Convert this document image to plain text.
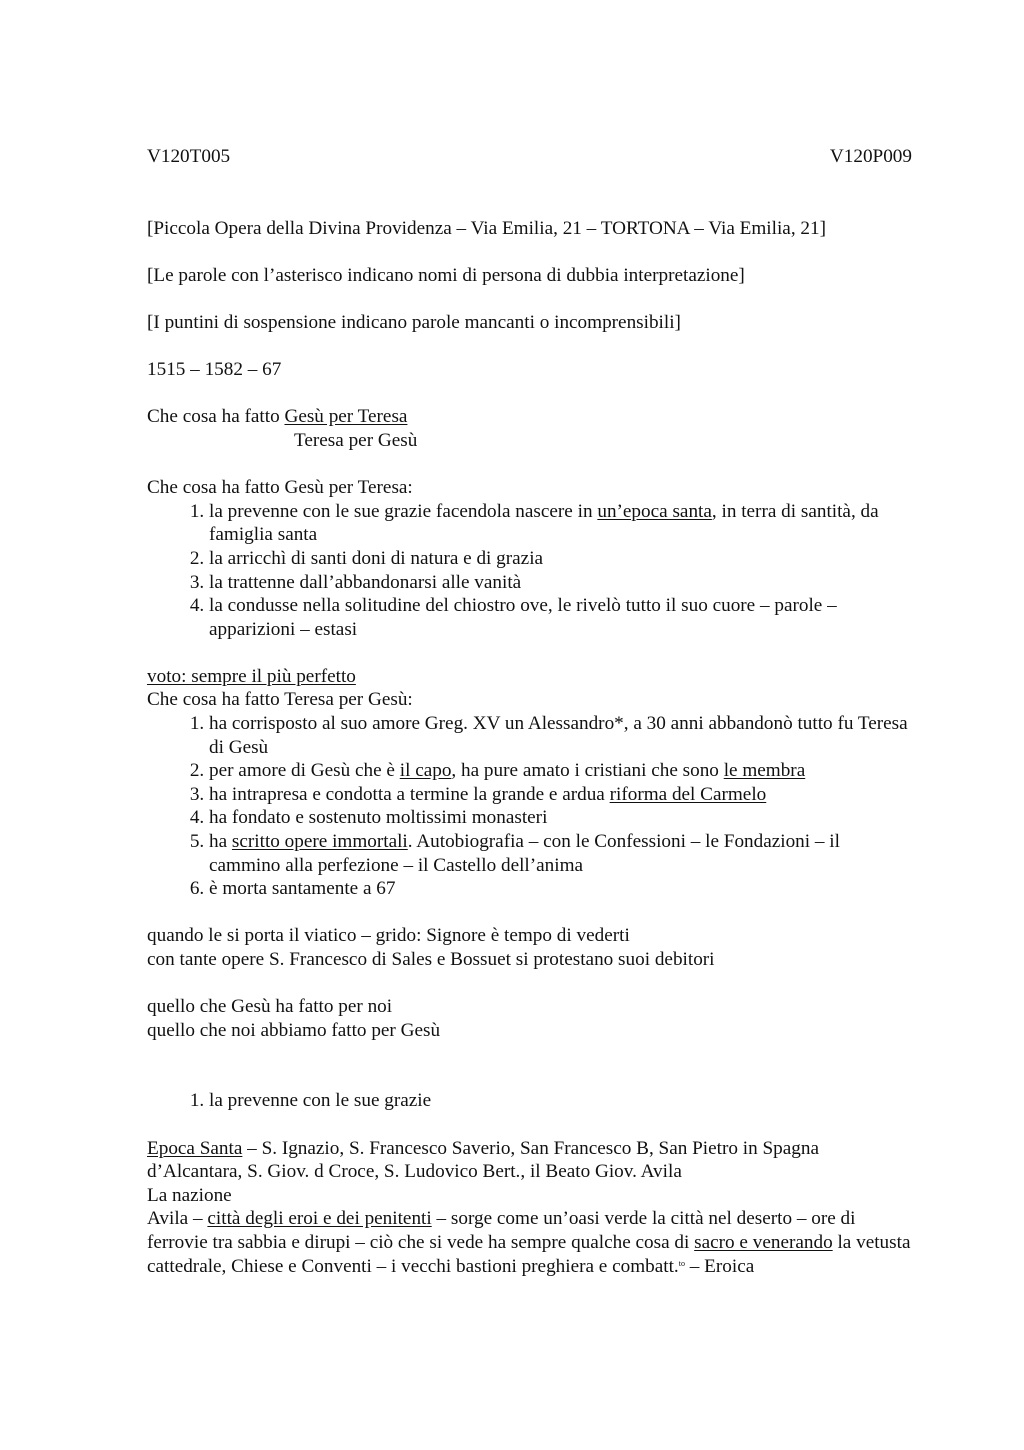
V120T005	V120P009

[Piccola Opera della Divina Providenza – Via Emilia, 21 – TORTONA – Via Emilia, 21]

[Le parole con l’asterisco indicano nomi di persona di dubbia interpretazione]

[I puntini di sospensione indicano parole mancanti o incomprensibili]

1515 – 1582 – 67

Che cosa ha fatto Gesù per Teresa

Teresa per Gesù

Che cosa ha fatto Gesù per Teresa:

1. la prevenne con le sue grazie facendola nascere in un’epoca santa, in terra di santità, da famiglia santa
2. la arricchì di santi doni di natura e di grazia
3. la trattenne dall’abbandonarsi alle vanità
4. la condusse nella solitudine del chiostro ove, le rivelò tutto il suo cuore – parole – apparizioni – estasi

voto: sempre il più perfetto

Che cosa ha fatto Teresa per Gesù:

1. ha corrisposto al suo amore Greg. XV un Alessandro*, a 30 anni abbandonò tutto fu Teresa di Gesù
2. per amore di Gesù che è il capo, ha pure amato i cristiani che sono le membra
3. ha intrapresa e condotta a termine la grande e ardua riforma del Carmelo
4. ha fondato e sostenuto moltissimi monasteri
5. ha scritto opere immortali. Autobiografia – con le Confessioni – le Fondazioni – il cammino alla perfezione – il Castello dell’anima
6. è morta santamente a 67

quando le si porta il viatico – grido: Signore è tempo di vederti

con tante opere S. Francesco di Sales e Bossuet si protestano suoi debitori

quello che Gesù ha fatto per noi

quello che noi abbiamo fatto per Gesù

1. la prevenne con le sue grazie

Epoca Santa – S. Ignazio, S. Francesco Saverio, San Francesco B, San Pietro in Spagna d’Alcantara, S. Giov. d Croce, S. Ludovico Bert., il Beato Giov. Avila

La nazione

Avila – città degli eroi e dei penitenti – sorge come un’oasi verde la città nel deserto – ore di ferrovie tra sabbia e dirupi – ciò che si vede ha sempre qualche cosa di sacro e venerando la vetusta cattedrale, Chiese e Conventi – i vecchi bastioni preghiera e combatt.$^{to}$ – Eroica
